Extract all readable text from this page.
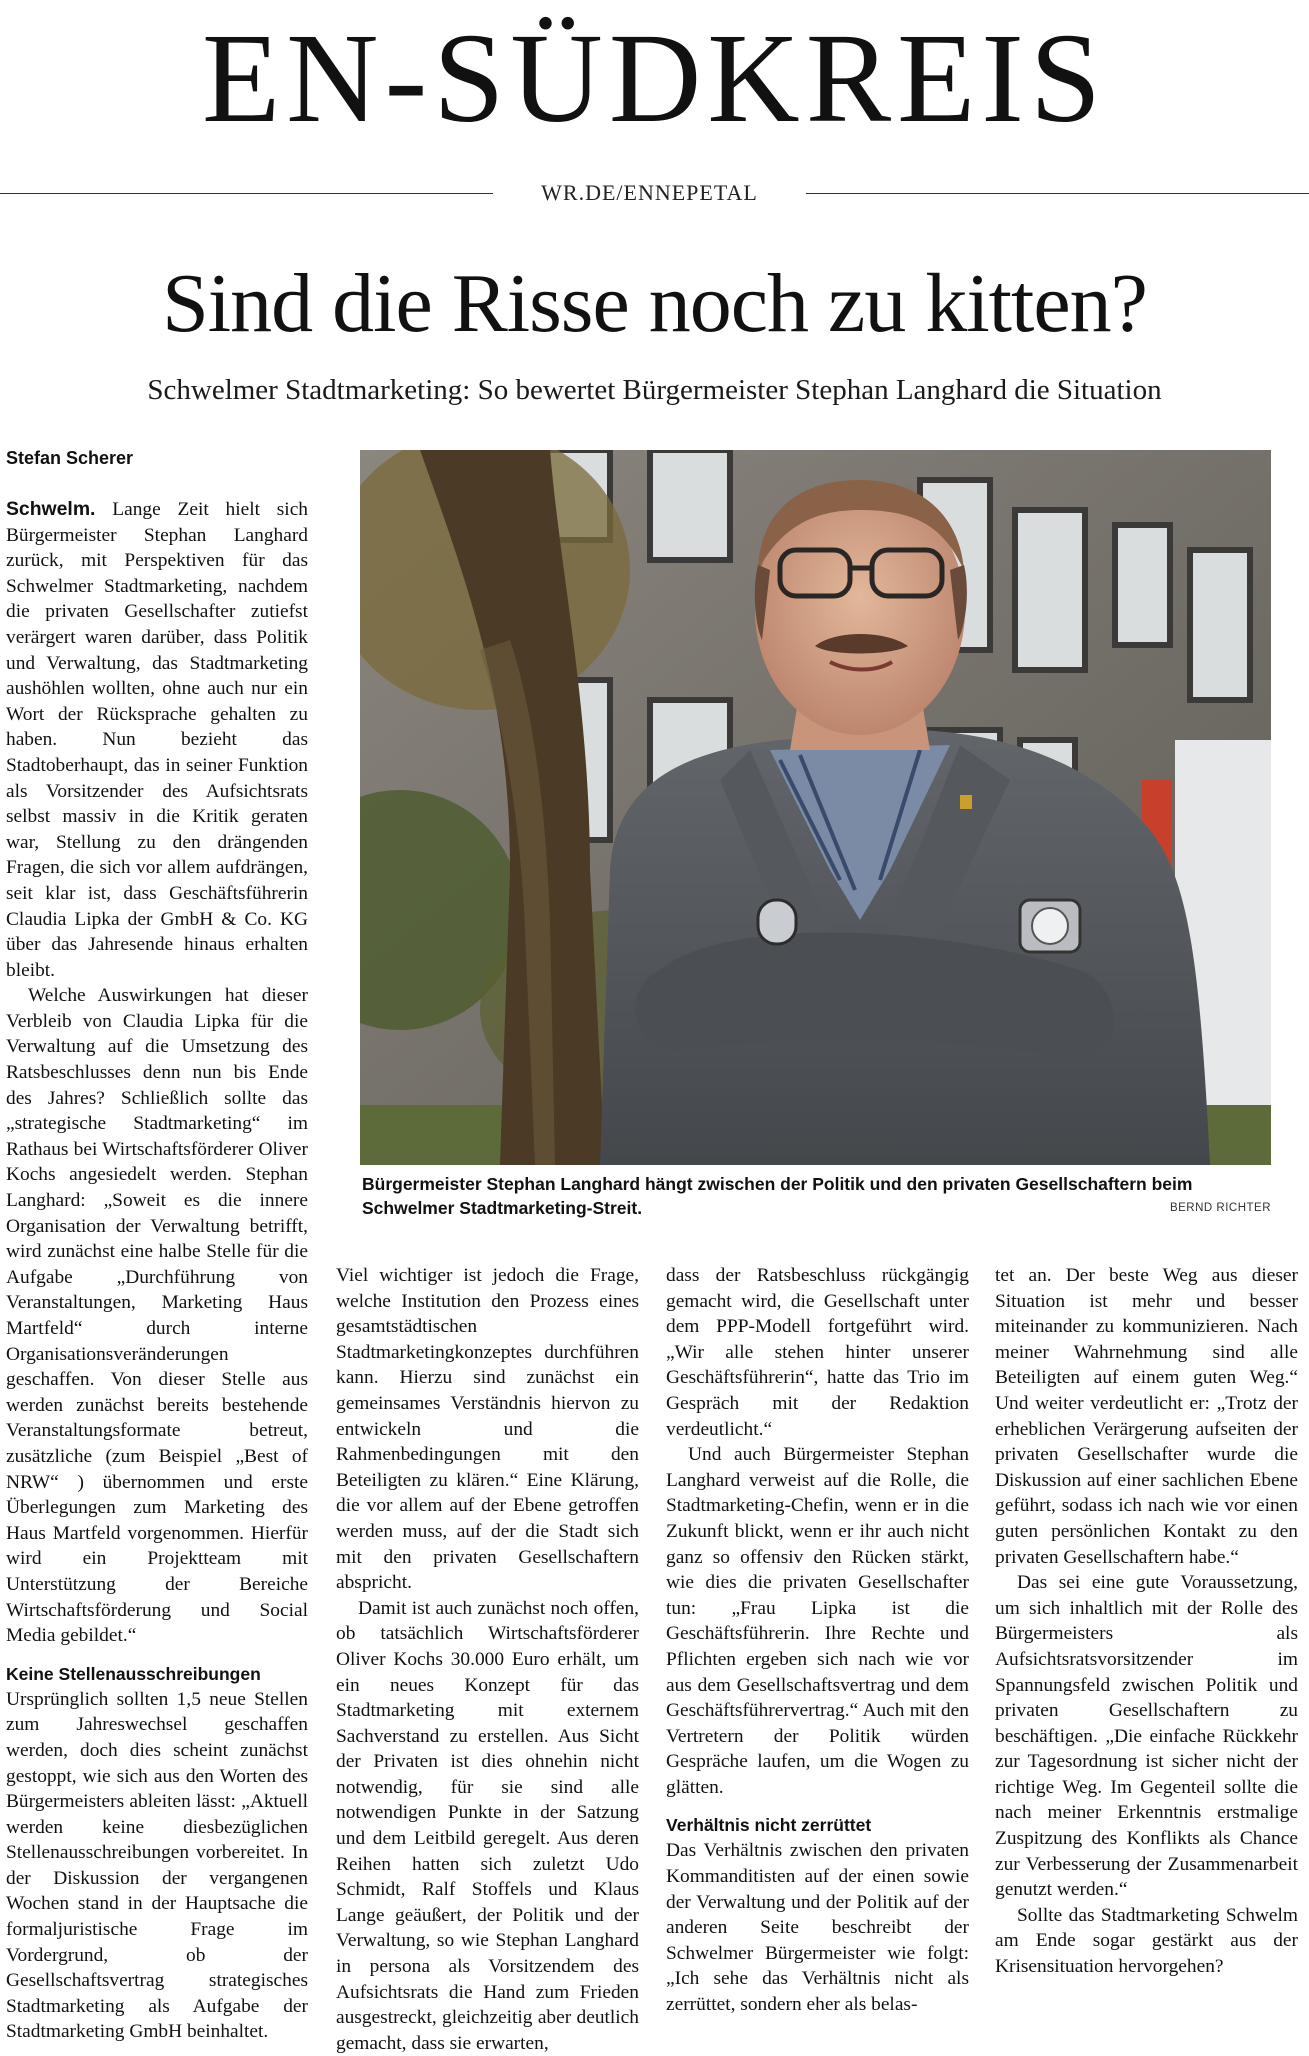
EN-SÜDKREIS
WR.DE/ENNEPETAL
Sind die Risse noch zu kitten?
Schwelmer Stadtmarketing: So bewertet Bürgermeister Stephan Langhard die Situation
Stefan Scherer

Schwelm. Lange Zeit hielt sich Bürgermeister Stephan Langhard zurück, mit Perspektiven für das Schwelmer Stadtmarketing, nachdem die privaten Gesellschafter zutiefst verärgert waren darüber, dass Politik und Verwaltung, das Stadtmarketing aushöhlen wollten, ohne auch nur ein Wort der Rücksprache gehalten zu haben. Nun bezieht das Stadtoberhaupt, das in seiner Funktion als Vorsitzender des Aufsichtsrats selbst massiv in die Kritik geraten war, Stellung zu den drängenden Fragen, die sich vor allem aufdrängen, seit klar ist, dass Geschäftsführerin Claudia Lipka der GmbH & Co. KG über das Jahresende hinaus erhalten bleibt.

Welche Auswirkungen hat dieser Verbleib von Claudia Lipka für die Verwaltung auf die Umsetzung des Ratsbeschlusses denn nun bis Ende des Jahres? Schließlich sollte das „strategische Stadtmarketing“ im Rathaus bei Wirtschaftsförderer Oliver Kochs angesiedelt werden. Stephan Langhard: „Soweit es die innere Organisation der Verwaltung betrifft, wird zunächst eine halbe Stelle für die Aufgabe „Durchführung von Veranstaltungen, Marketing Haus Martfeld“ durch interne Organisationsveränderungen geschaffen. Von dieser Stelle aus werden zunächst bereits bestehende Veranstaltungsformate betreut, zusätzliche (zum Beispiel „Best of NRW“ ) übernommen und erste Überlegungen zum Marketing des Haus Martfeld vorgenommen. Hierfür wird ein Projektteam mit Unterstützung der Bereiche Wirtschaftsförderung und Social Media gebildet.“

Keine Stellenausschreibungen

Ursprünglich sollten 1,5 neue Stellen zum Jahreswechsel geschaffen werden, doch dies scheint zunächst gestoppt, wie sich aus den Worten des Bürgermeisters ableiten lässt: „Aktuell werden keine diesbezüglichen Stellenausschreibungen vorbereitet. In der Diskussion der vergangenen Wochen stand in der Hauptsache die formaljuristische Frage im Vordergrund, ob der Gesellschaftsvertrag strategisches Stadtmarketing als Aufgabe der Stadtmarketing GmbH beinhaltet.

Bürgermeister Stephan Langhard hängt zwischen der Politik und den privaten Gesellschaftern beim Schwelmer Stadtmarketing-Streit.	BERND RICHTER

Viel wichtiger ist jedoch die Frage, welche Institution den Prozess eines gesamtstädtischen Stadtmarketingkonzeptes durchführen kann. Hierzu sind zunächst ein gemeinsames Verständnis hiervon zu entwickeln und die Rahmenbedingungen mit den Beteiligten zu klären.“ Eine Klärung, die vor allem auf der Ebene getroffen werden muss, auf der die Stadt sich mit den privaten Gesellschaftern abspricht.

Damit ist auch zunächst noch offen, ob tatsächlich Wirtschaftsförderer Oliver Kochs 30.000 Euro erhält, um ein neues Konzept für das Stadtmarketing mit externem Sachverstand zu erstellen. Aus Sicht der Privaten ist dies ohnehin nicht notwendig, für sie sind alle notwendigen Punkte in der Satzung und dem Leitbild geregelt. Aus deren Reihen hatten sich zuletzt Udo Schmidt, Ralf Stoffels und Klaus Lange geäußert, der Politik und der Verwaltung, so wie Stephan Langhard in persona als Vorsitzendem des Aufsichtsrats die Hand zum Frieden ausgestreckt, gleichzeitig aber deutlich gemacht, dass sie erwarten,

dass der Ratsbeschluss rückgängig gemacht wird, die Gesellschaft unter dem PPP-Modell fortgeführt wird. „Wir alle stehen hinter unserer Geschäftsführerin“, hatte das Trio im Gespräch mit der Redaktion verdeutlicht.“

Und auch Bürgermeister Stephan Langhard verweist auf die Rolle, die Stadtmarketing-Chefin, wenn er in die Zukunft blickt, wenn er ihr auch nicht ganz so offensiv den Rücken stärkt, wie dies die privaten Gesellschafter tun: „Frau Lipka ist die Geschäftsführerin. Ihre Rechte und Pflichten ergeben sich nach wie vor aus dem Gesellschaftsvertrag und dem Geschäftsführervertrag.“ Auch mit den Vertretern der Politik würden Gespräche laufen, um die Wogen zu glätten.

Verhältnis nicht zerrüttet

Das Verhältnis zwischen den privaten Kommanditisten auf der einen sowie der Verwaltung und der Politik auf der anderen Seite beschreibt der Schwelmer Bürgermeister wie folgt: „Ich sehe das Verhältnis nicht als zerrüttet, sondern eher als belas-

tet an. Der beste Weg aus dieser Situation ist mehr und besser miteinander zu kommunizieren. Nach meiner Wahrnehmung sind alle Beteiligten auf einem guten Weg.“ Und weiter verdeutlicht er: „Trotz der erheblichen Verärgerung aufseiten der privaten Gesellschafter wurde die Diskussion auf einer sachlichen Ebene geführt, sodass ich nach wie vor einen guten persönlichen Kontakt zu den privaten Gesellschaftern habe.“

Das sei eine gute Voraussetzung, um sich inhaltlich mit der Rolle des Bürgermeisters als Aufsichtsratsvorsitzender im Spannungsfeld zwischen Politik und privaten Gesellschaftern zu beschäftigen. „Die einfache Rückkehr zur Tagesordnung ist sicher nicht der richtige Weg. Im Gegenteil sollte die nach meiner Erkenntnis erstmalige Zuspitzung des Konflikts als Chance zur Verbesserung der Zusammenarbeit genutzt werden.“

Sollte das Stadtmarketing Schwelm am Ende sogar gestärkt aus der Krisensituation hervorgehen?
